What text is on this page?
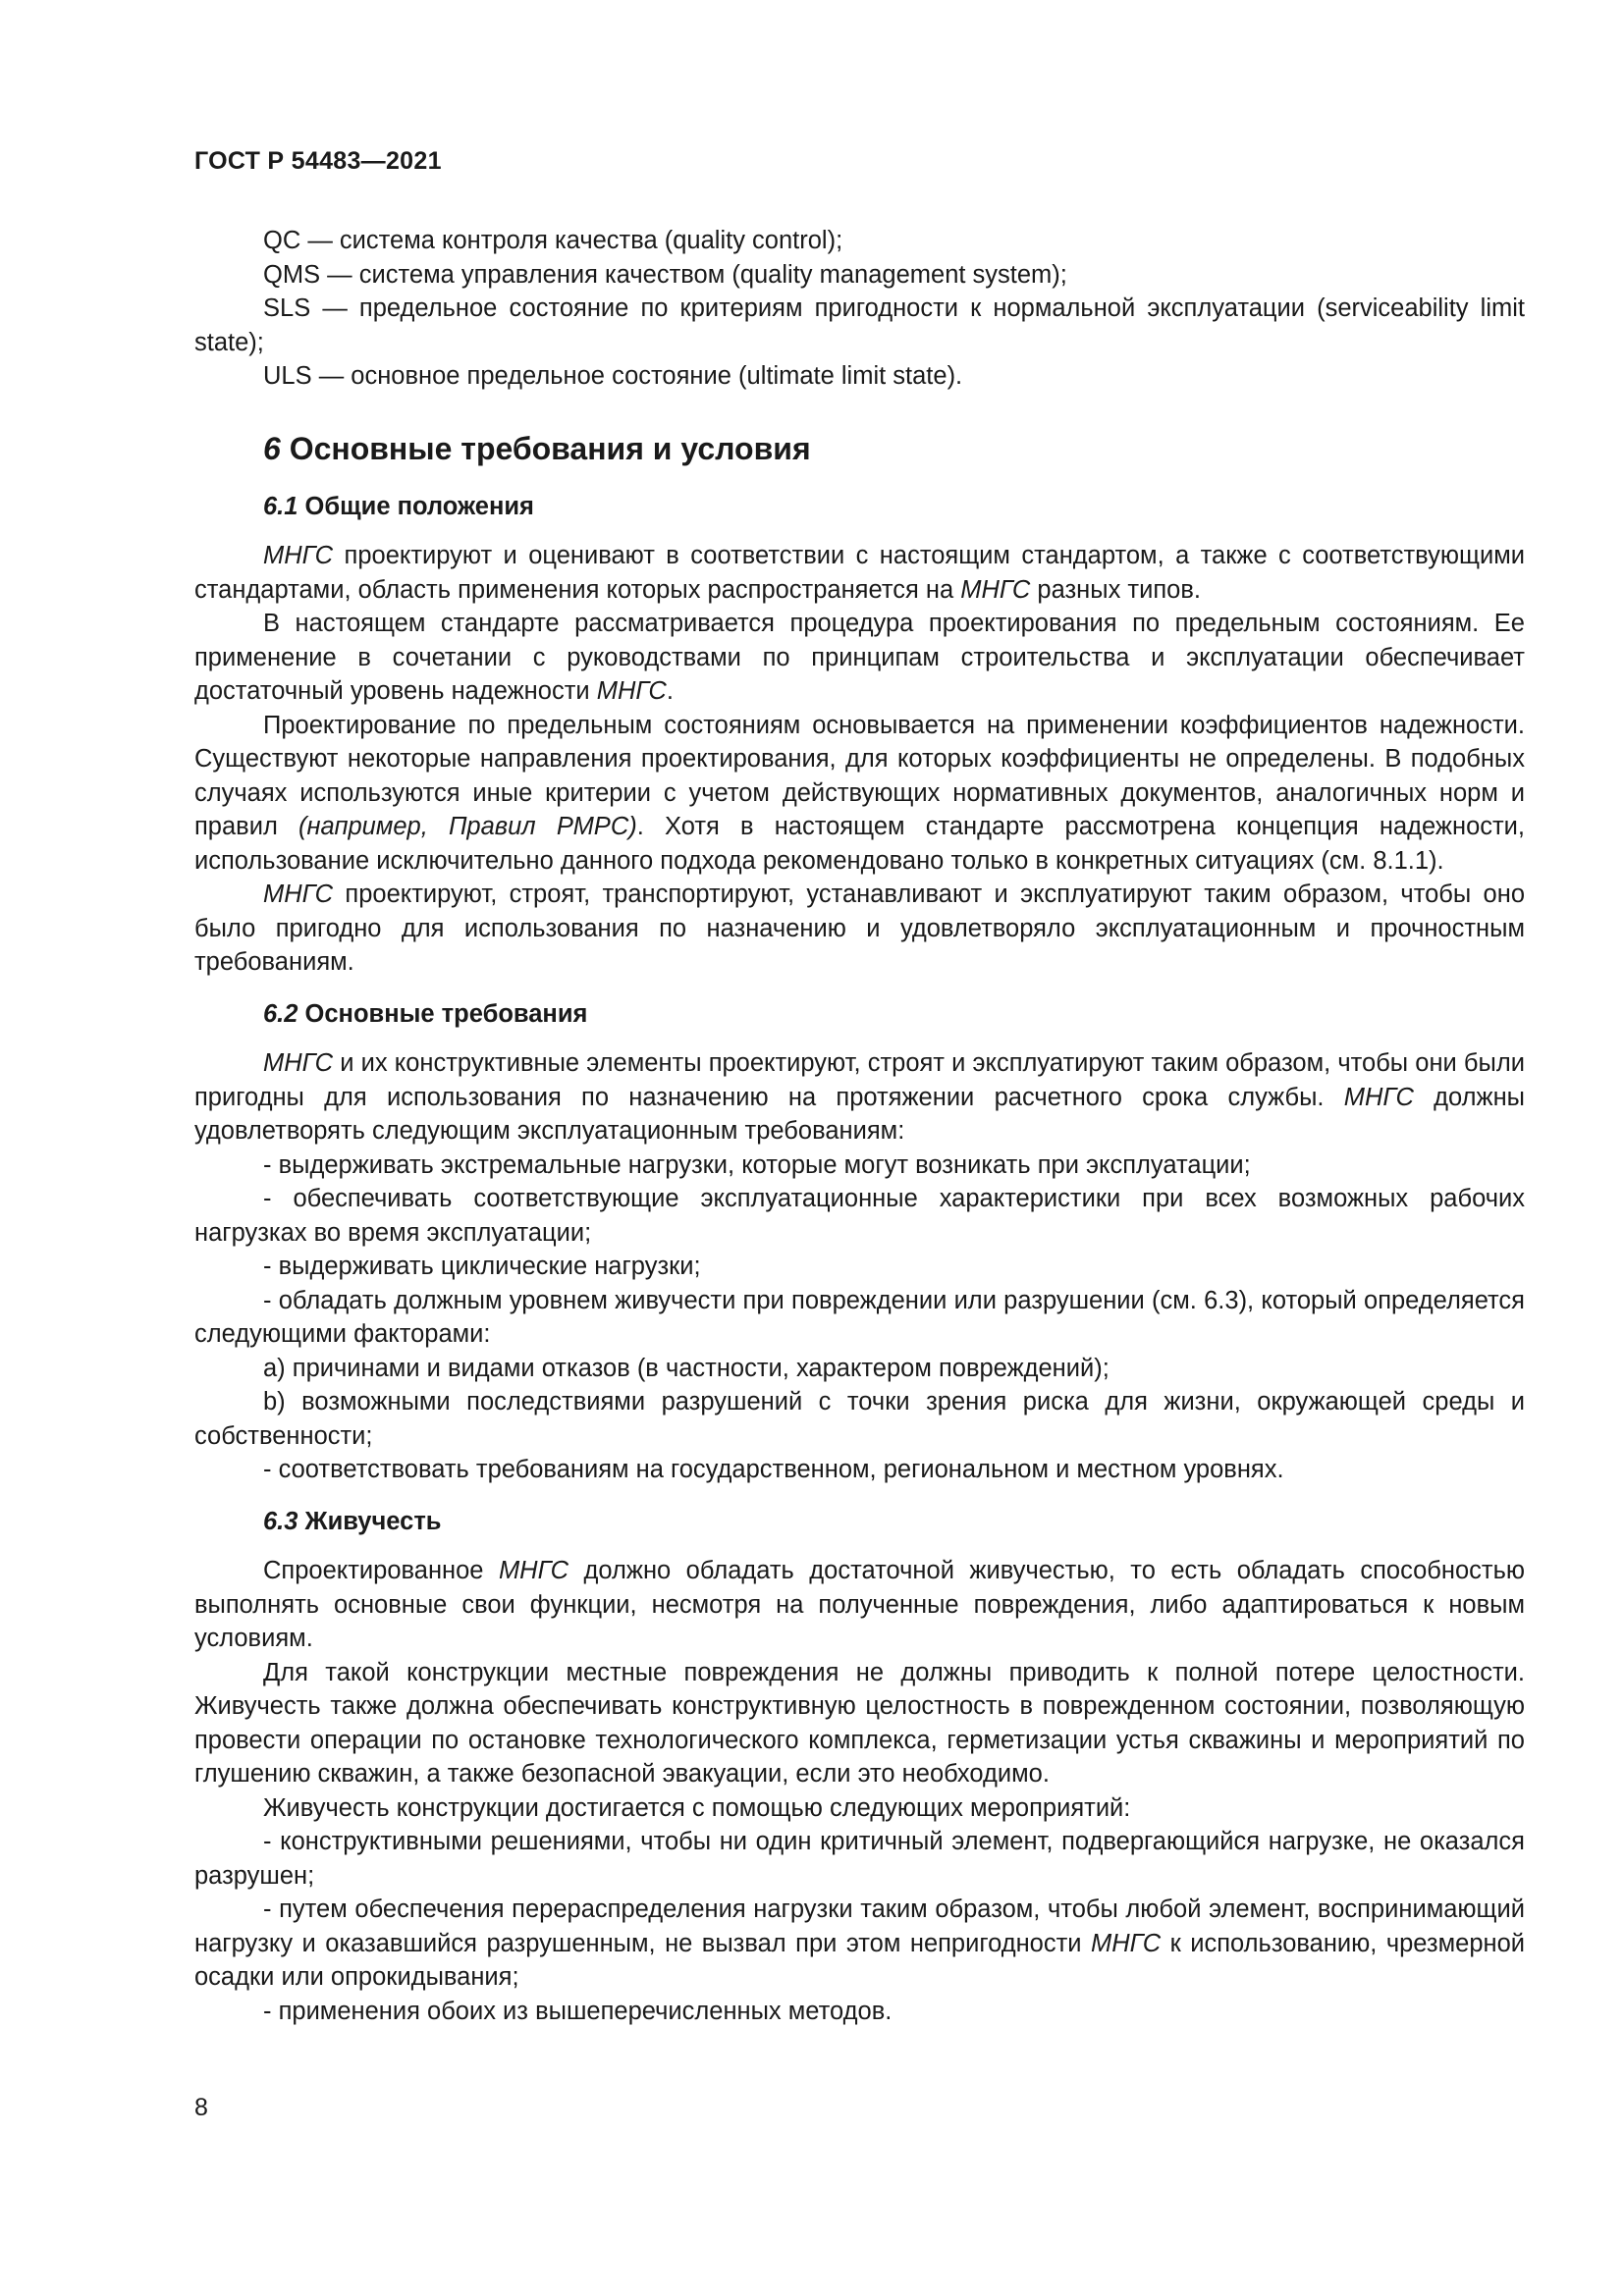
ГОСТ Р 54483—2021

QC — система контроля качества (quality control);

QMS — система управления качеством (quality management system);

SLS — предельное состояние по критериям пригодности к нормальной эксплуатации (serviceability limit state);

ULS — основное предельное состояние (ultimate limit state).

6 Основные требования и условия
6.1 Общие положения

МНГС проектируют и оценивают в соответствии с настоящим стандартом, а также с соответствующими стандартами, область применения которых распространяется на МНГС разных типов.

В настоящем стандарте рассматривается процедура проектирования по предельным состояниям. Ее применение в сочетании с руководствами по принципам строительства и эксплуатации обеспечивает достаточный уровень надежности МНГС.

Проектирование по предельным состояниям основывается на применении коэффициентов надежности. Существуют некоторые направления проектирования, для которых коэффициенты не определены. В подобных случаях используются иные критерии с учетом действующих нормативных документов, аналогичных норм и правил (например, Правил РМРС). Хотя в настоящем стандарте рассмотрена концепция надежности, использование исключительно данного подхода рекомендовано только в конкретных ситуациях (см. 8.1.1).

МНГС проектируют, строят, транспортируют, устанавливают и эксплуатируют таким образом, чтобы оно было пригодно для использования по назначению и удовлетворяло эксплуатационным и прочностным требованиям.

6.2 Основные требования

МНГС и их конструктивные элементы проектируют, строят и эксплуатируют таким образом, чтобы они были пригодны для использования по назначению на протяжении расчетного срока службы. МНГС должны удовлетворять следующим эксплуатационным требованиям:

- выдерживать экстремальные нагрузки, которые могут возникать при эксплуатации;

- обеспечивать соответствующие эксплуатационные характеристики при всех возможных рабочих нагрузках во время эксплуатации;

- выдерживать циклические нагрузки;

- обладать должным уровнем живучести при повреждении или разрушении (см. 6.3), который определяется следующими факторами:

а) причинами и видами отказов (в частности, характером повреждений);

b) возможными последствиями разрушений с точки зрения риска для жизни, окружающей среды и собственности;

- соответствовать требованиям на государственном, региональном и местном уровнях.

6.3 Живучесть

Спроектированное МНГС должно обладать достаточной живучестью, то есть обладать способностью выполнять основные свои функции, несмотря на полученные повреждения, либо адаптироваться к новым условиям.

Для такой конструкции местные повреждения не должны приводить к полной потере целостности. Живучесть также должна обеспечивать конструктивную целостность в поврежденном состоянии, позволяющую провести операции по остановке технологического комплекса, герметизации устья скважины и мероприятий по глушению скважин, а также безопасной эвакуации, если это необходимо.

Живучесть конструкции достигается с помощью следующих мероприятий:

- конструктивными решениями, чтобы ни один критичный элемент, подвергающийся нагрузке, не оказался разрушен;

- путем обеспечения перераспределения нагрузки таким образом, чтобы любой элемент, воспринимающий нагрузку и оказавшийся разрушенным, не вызвал при этом непригодности МНГС к использованию, чрезмерной осадки или опрокидывания;

- применения обоих из вышеперечисленных методов.

8
